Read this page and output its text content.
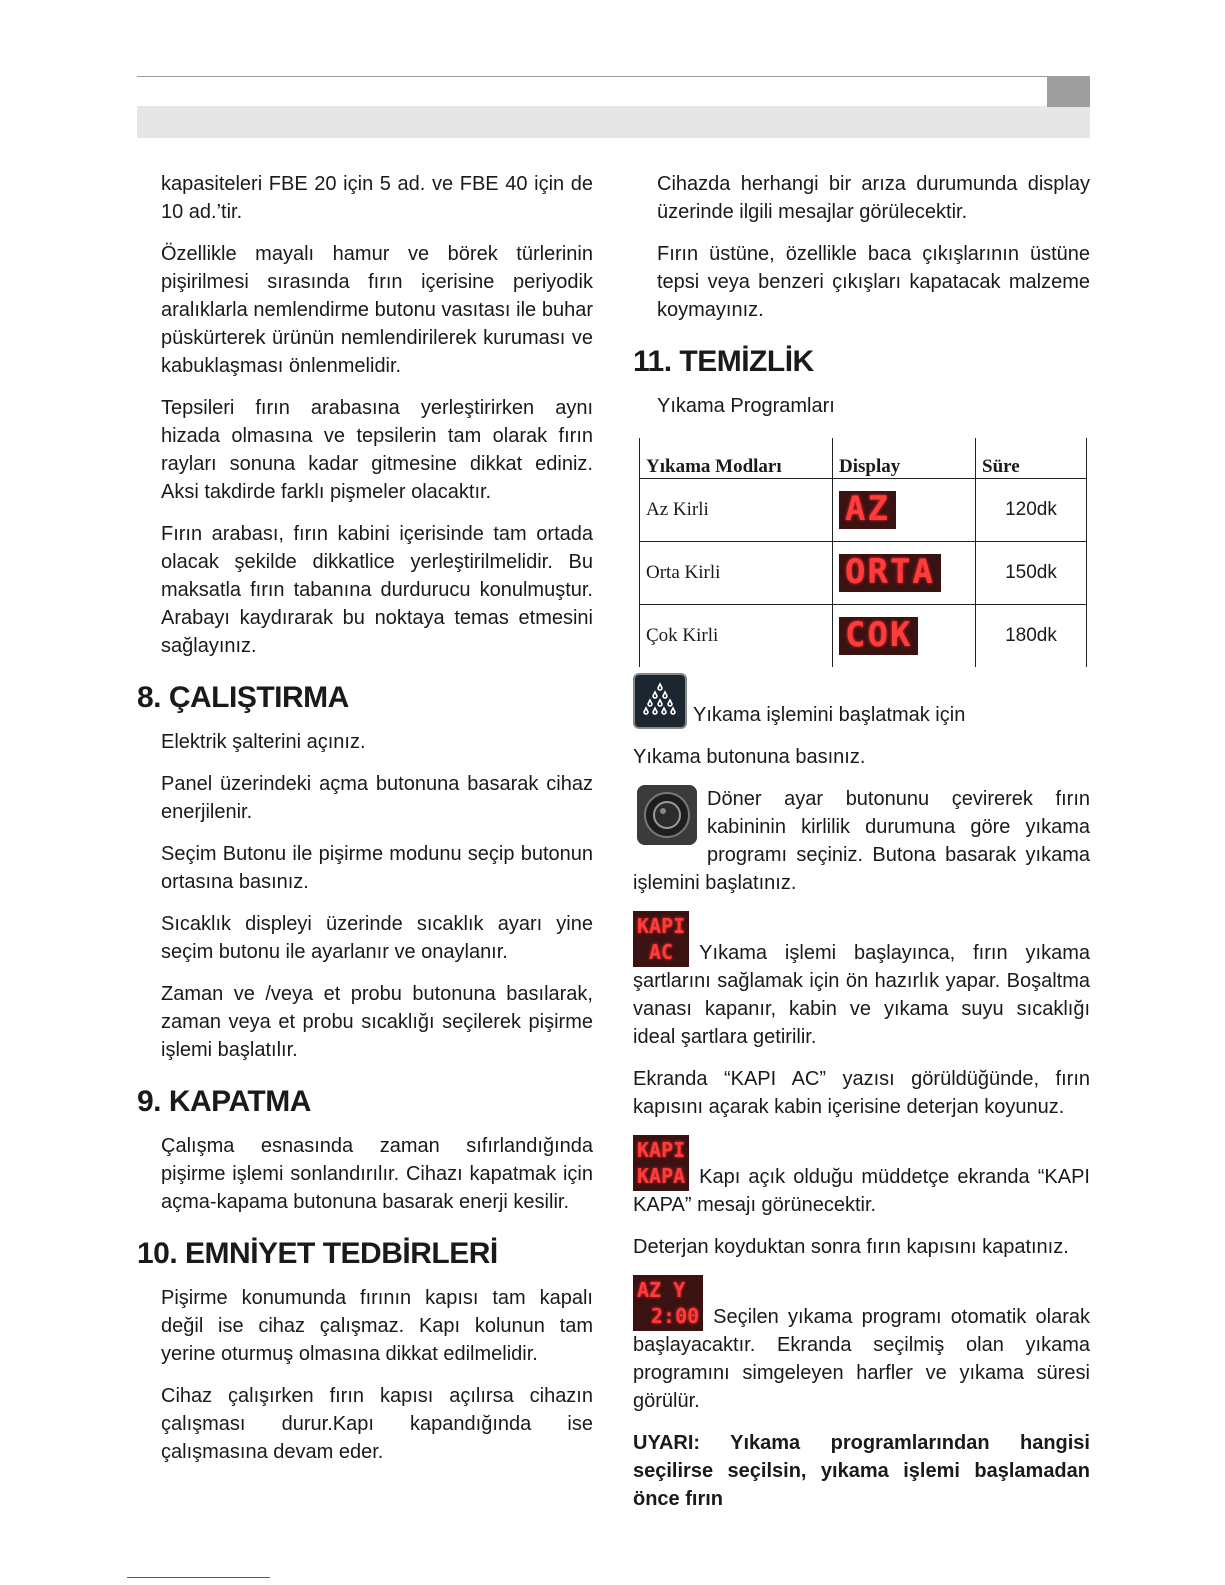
kapasiteleri FBE 20 için 5 ad. ve FBE 40 için de 10 ad.’tir.

Özellikle mayalı hamur ve börek türlerinin pişirilmesi sırasında fırın içerisine periyodik aralıklarla nemlendirme butonu vasıtası ile buhar püskürterek ürünün nemlendirilerek kuruması ve kabuklaşması önlenmelidir.

Tepsileri fırın arabasına yerleştirirken aynı hizada olmasına ve tepsilerin tam olarak fırın rayları sonuna kadar gitmesine dikkat ediniz. Aksi takdirde farklı pişmeler olacaktır.

Fırın arabası, fırın kabini içerisinde tam ortada olacak şekilde dikkatlice yerleştirilmelidir. Bu maksatla fırın tabanına durdurucu konulmuştur. Arabayı kaydırarak bu noktaya temas etmesini sağlayınız.

8. ÇALIŞTIRMA

Elektrik şalterini açınız.

Panel üzerindeki açma butonuna basarak cihaz enerjilenir.

Seçim Butonu ile pişirme modunu seçip butonun ortasına basınız.

Sıcaklık displeyi üzerinde sıcaklık ayarı yine seçim butonu ile ayarlanır ve onaylanır.

Zaman ve /veya et probu butonuna basılarak, zaman veya et probu sıcaklığı seçilerek pişirme işlemi başlatılır.

9. KAPATMA

Çalışma esnasında zaman sıfırlandığında pişirme işlemi sonlandırılır. Cihazı kapatmak için açma-kapama butonuna basarak enerji kesilir.

10. EMNİYET TEDBİRLERİ

Pişirme konumunda fırının kapısı tam kapalı değil ise cihaz çalışmaz. Kapı kolunun tam yerine oturmuş olmasına dikkat edilmelidir.

Cihaz çalışırken fırın kapısı açılırsa cihazın çalışması durur.Kapı kapandığında ise çalışmasına devam eder.

Cihazda herhangi bir arıza durumunda display üzerinde ilgili mesajlar görülecektir.

Fırın üstüne, özellikle baca çıkışlarının üstüne tepsi veya benzeri çıkışları kapatacak malzeme koymayınız.

11. TEMİZLİK

Yıkama Programları

Yıkama Modları	Display	Süre
Az Kirli	AZ	120dk
Orta Kirli	ORTA	150dk
Çok Kirli	COK	180dk

Yıkama işlemini başlatmak için

Yıkama butonuna basınız.

Döner ayar butonunu çevirerek fırın kabininin kirlilik durumuna göre yıkama programı seçiniz. Butona basarak yıkama işlemini başlatınız.

KAPI
AC	Yıkama işlemi başlayınca, fırın yıkama şartlarını sağlamak için ön hazırlık yapar. Boşaltma vanası kapanır, kabin ve yıkama suyu sıcaklığı ideal şartlara getirilir.

Ekranda “KAPI AC” yazısı görüldüğünde, fırın kapısını açarak kabin içerisine deterjan koyunuz.

KAPI
KAPA Kapı açık olduğu müddetçe ekranda “KAPI KAPA” mesajı görünecektir.

Deterjan koyduktan sonra fırın kapısını kapatınız.

AZ Y
2:00 Seçilen yıkama programı otomatik olarak başlayacaktır. Ekranda seçilmiş olan yıkama programını simgeleyen harfler ve yıkama süresi görülür.

UYARI: Yıkama programlarından hangisi seçilirse seçilsin, yıkama işlemi başlamadan önce fırın
